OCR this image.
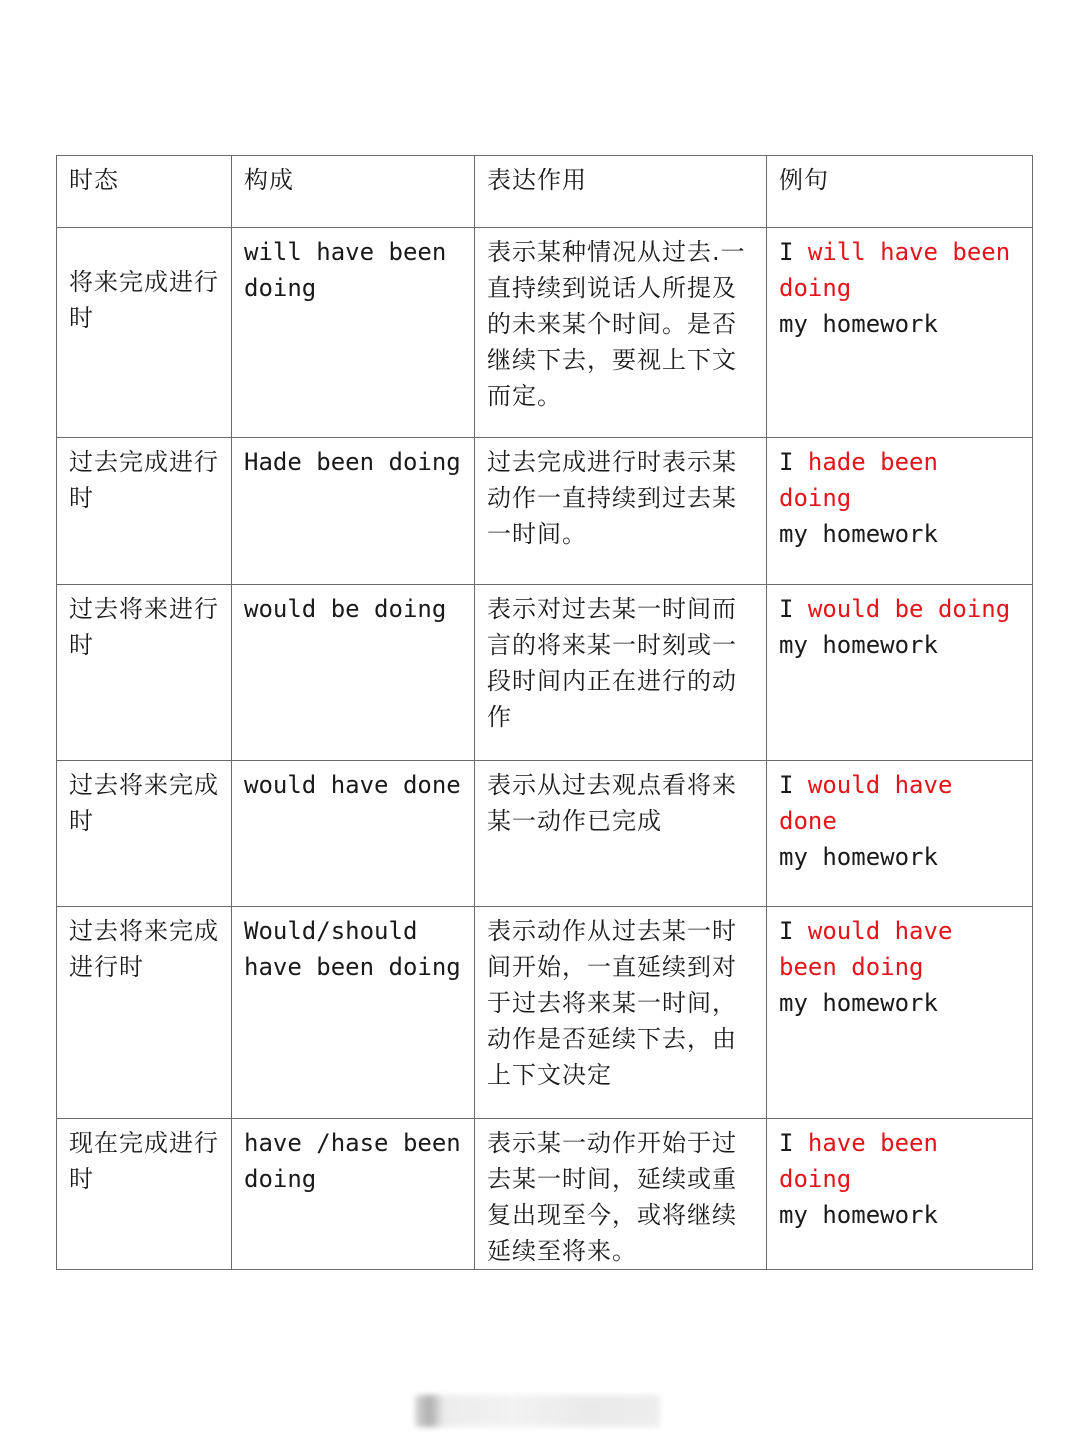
时态	构成	表达作用	例句

将来完成进行时	will have been doing	表示某种情况从过去.一直持续到说话人所提及的未来某个时间。是否继续下去，要视上下文而定。	I will have been doing
my homework
过去完成进行时	Hade been doing	过去完成进行时表示某动作一直持续到过去某一时间。	I hade been doing
my homework
过去将来进行时	would be doing	表示对过去某一时间而言的将来某一时刻或一段时间内正在进行的动作	I would be doing
my homework
过去将来完成时	would have done	表示从过去观点看将来某一动作已完成	I would have done
my homework
过去将来完成进行时	Would/should have been doing	表示动作从过去某一时间开始，一直延续到对于过去将来某一时间，动作是否延续下去，由上下文决定	I would have been doing
my homework
现在完成进行时	have /hase been doing	表示某一动作开始于过去某一时间，延续或重复出现至今，或将继续延续至将来。	I have been doing
my homework
